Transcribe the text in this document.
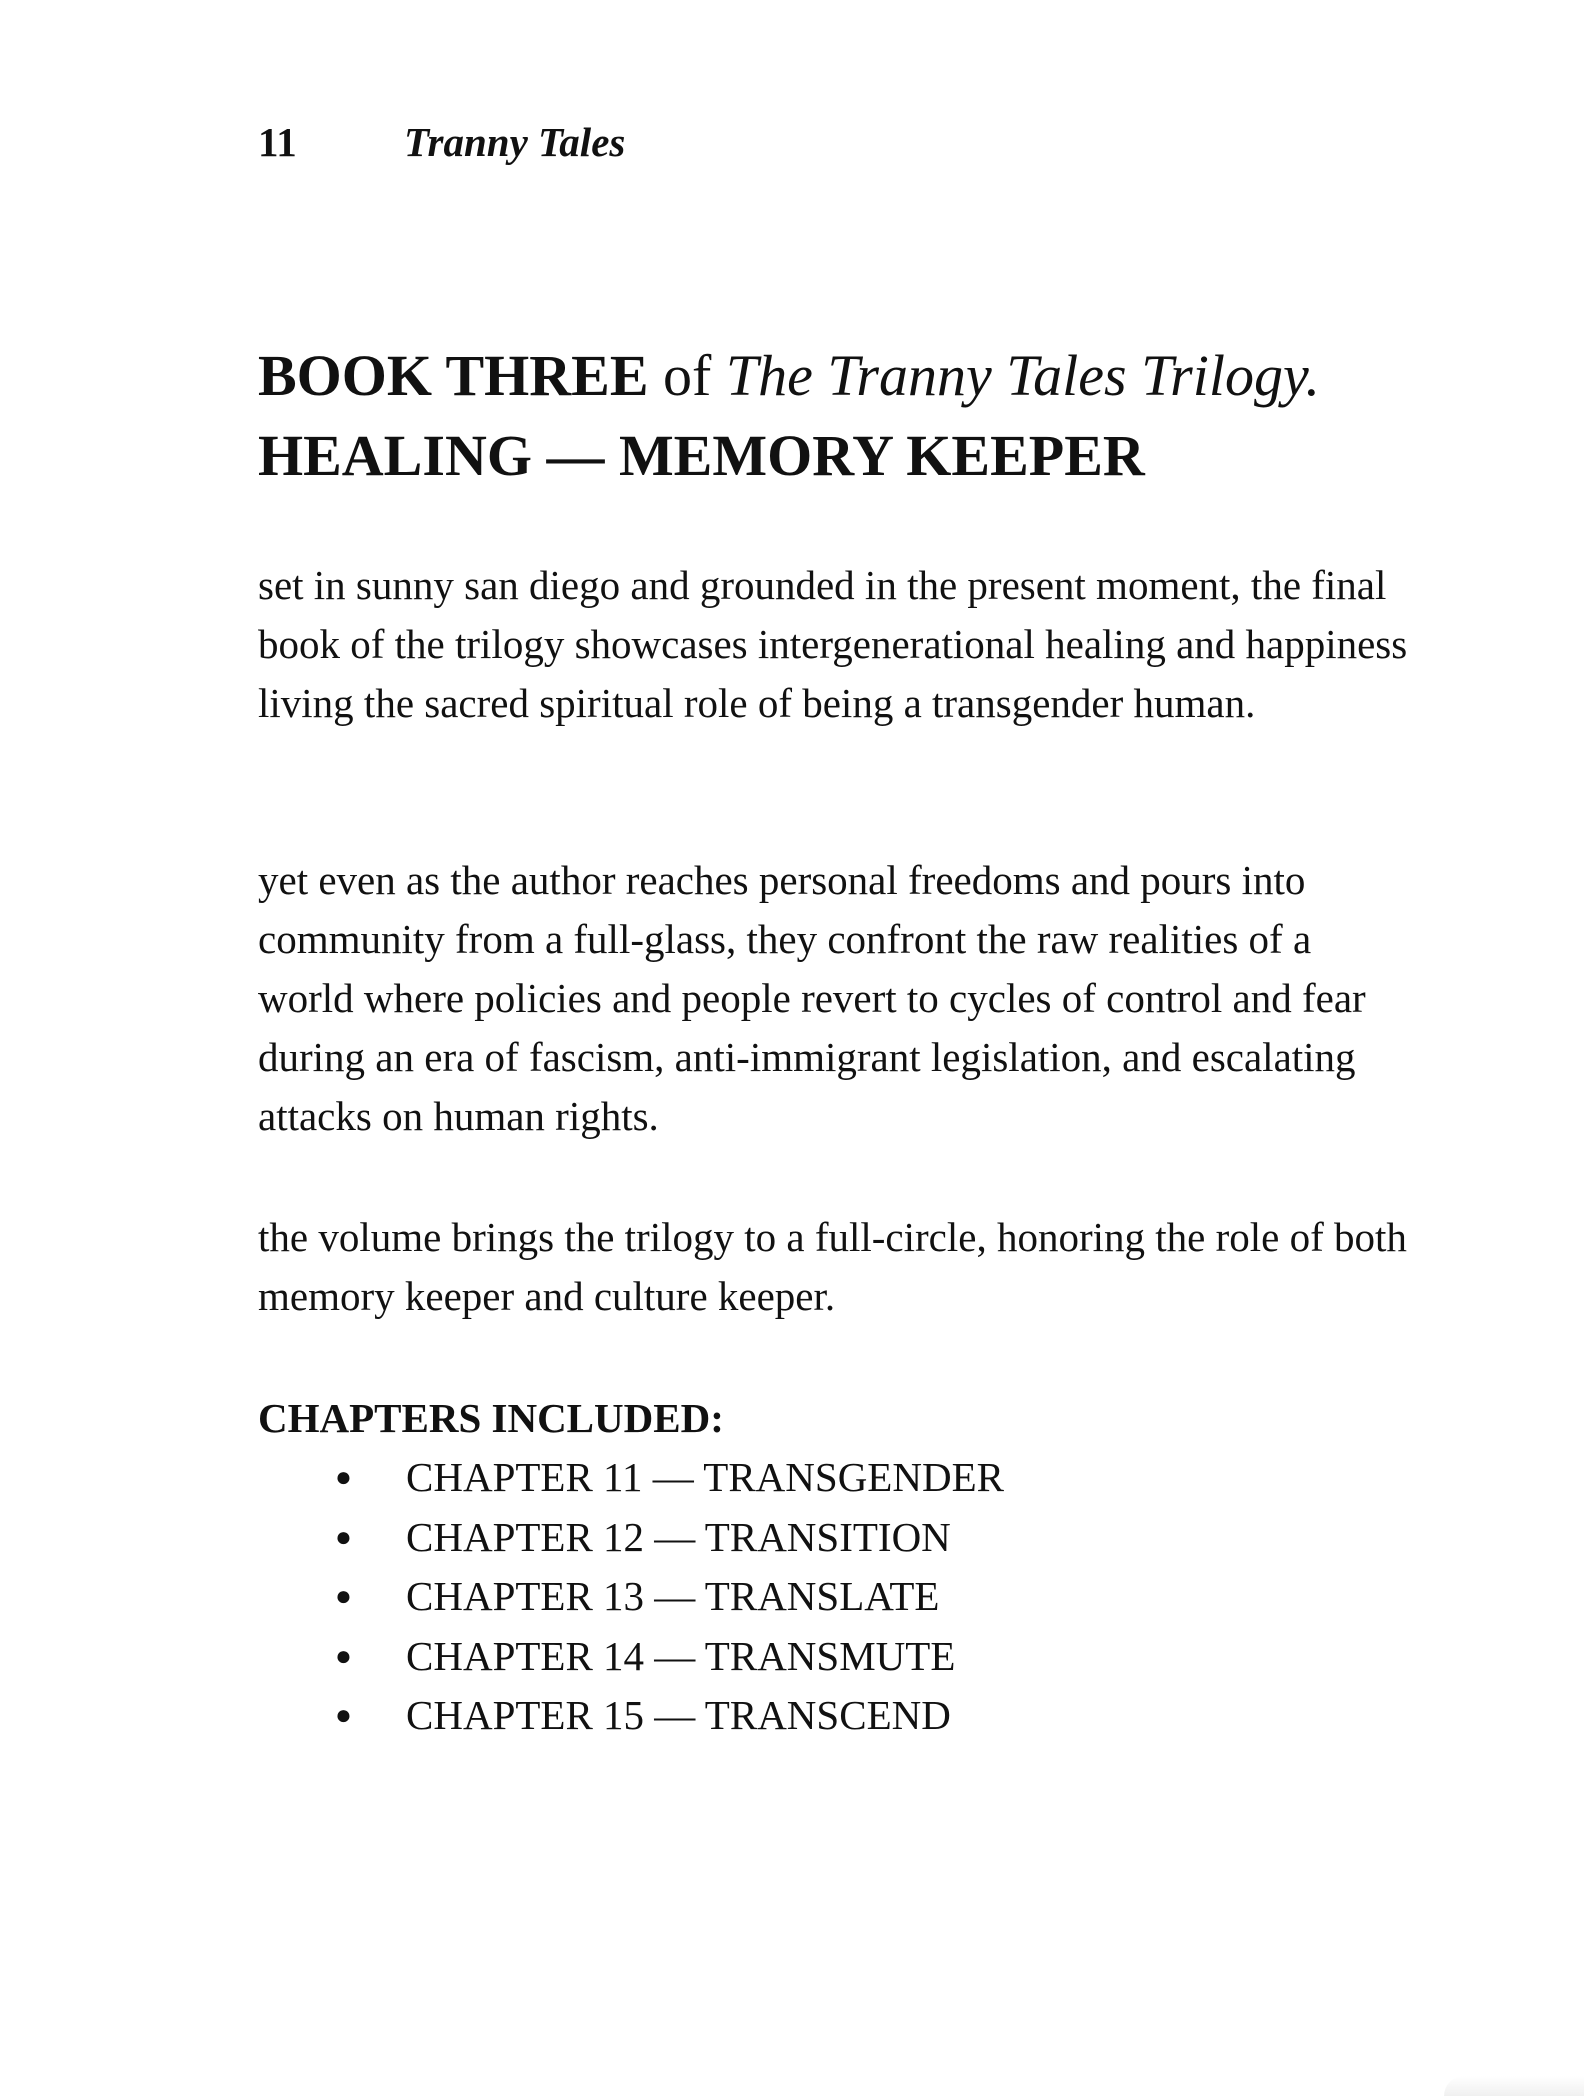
11	Tranny Tales
BOOK THREE of The Tranny Tales Trilogy.
HEALING — MEMORY KEEPER

set in sunny san diego and grounded in the present moment, the final book of the trilogy showcases intergenerational healing and happiness living the sacred spiritual role of being a transgender human.

yet even as the author reaches personal freedoms and pours into community from a full-glass, they confront the raw realities of a world where policies and people revert to cycles of control and fear during an era of fascism, anti-immigrant legislation, and escalating attacks on human rights.

the volume brings the trilogy to a full-circle, honoring the role of both memory keeper and culture keeper.

CHAPTERS INCLUDED:
● CHAPTER 11 — TRANSGENDER
● CHAPTER 12 — TRANSITION
● CHAPTER 13 — TRANSLATE
● CHAPTER 14 — TRANSMUTE
● CHAPTER 15 — TRANSCEND
